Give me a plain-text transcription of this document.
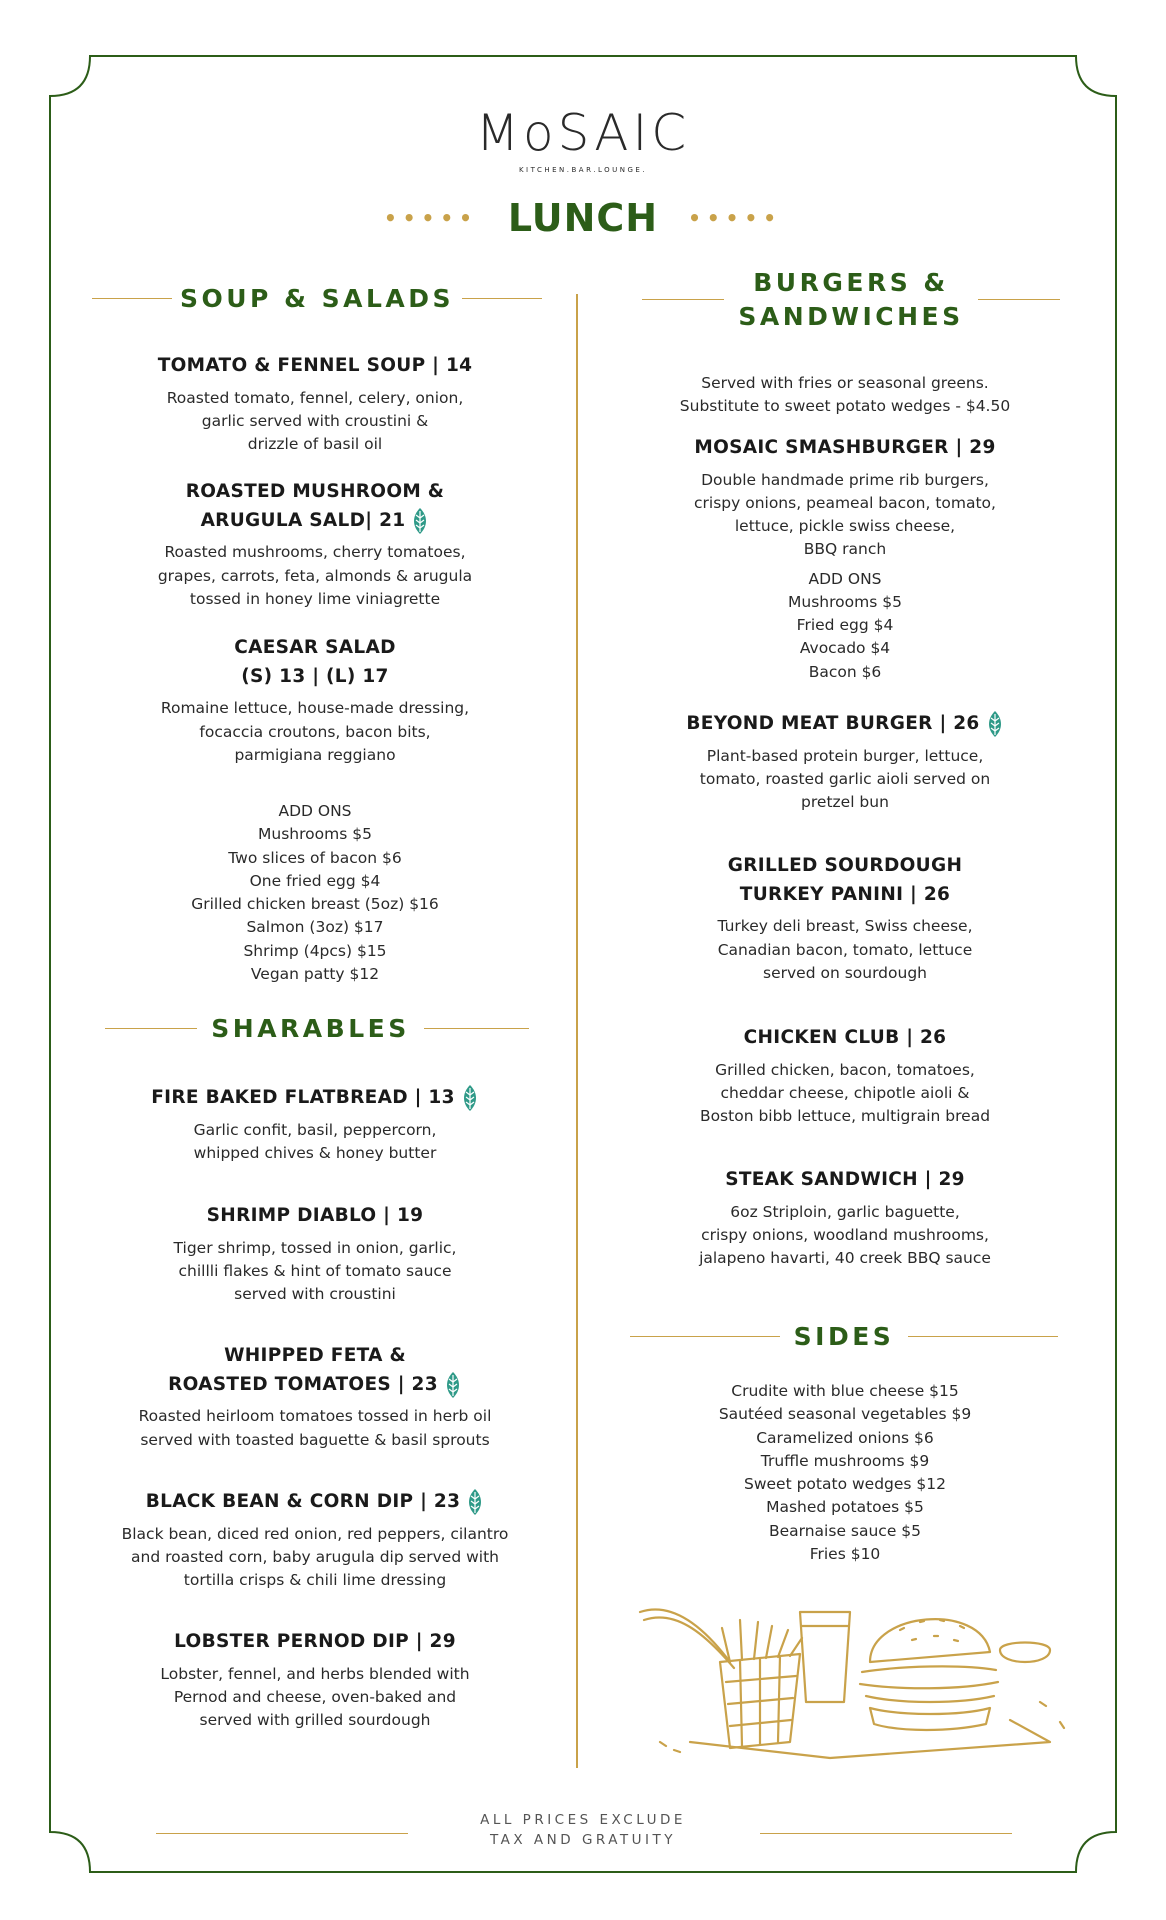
MoSAIC
KITCHEN.BAR.LOUNGE.
••••• LUNCH •••••
SOUP & SALADS
TOMATO & FENNEL SOUP | 14
Roasted tomato, fennel, celery, onion,
garlic served with croustini &
drizzle of basil oil
ROASTED MUSHROOM &
ARUGULA SALD| 21
Roasted mushrooms, cherry tomatoes,
grapes, carrots, feta, almonds & arugula
tossed in honey lime viniagrette
CAESAR SALAD
(S) 13 | (L) 17
Romaine lettuce, house-made dressing,
focaccia croutons, bacon bits,
parmigiana reggiano
ADD ONS
Mushrooms $5
Two slices of bacon $6
One fried egg $4
Grilled chicken breast (5oz) $16
Salmon (3oz) $17
Shrimp (4pcs) $15
Vegan patty $12
SHARABLES
FIRE BAKED FLATBREAD | 13
Garlic confit, basil, peppercorn,
whipped chives & honey butter
SHRIMP DIABLO | 19
Tiger shrimp, tossed in onion, garlic,
chillli flakes & hint of tomato sauce
served with croustini
WHIPPED FETA &
ROASTED TOMATOES | 23
Roasted heirloom tomatoes tossed in herb oil
served with toasted baguette & basil sprouts
BLACK BEAN & CORN DIP | 23
Black bean, diced red onion, red peppers, cilantro
and roasted corn, baby arugula dip served with
tortilla crisps & chili lime dressing
LOBSTER PERNOD DIP | 29
Lobster, fennel, and herbs blended with
Pernod and cheese, oven-baked and
served with grilled sourdough
BURGERS &
SANDWICHES
Served with fries or seasonal greens.
Substitute to sweet potato wedges - $4.50
MOSAIC SMASHBURGER | 29
Double handmade prime rib burgers,
crispy onions, peameal bacon, tomato,
lettuce, pickle swiss cheese,
BBQ ranch
ADD ONS
Mushrooms $5
Fried egg $4
Avocado $4
Bacon $6
BEYOND MEAT BURGER | 26
Plant-based protein burger, lettuce,
tomato, roasted garlic aioli served on
pretzel bun
GRILLED SOURDOUGH
TURKEY PANINI | 26
Turkey deli breast, Swiss cheese,
Canadian bacon, tomato, lettuce
served on sourdough
CHICKEN CLUB | 26
Grilled chicken, bacon, tomatoes,
cheddar cheese, chipotle aioli &
Boston bibb lettuce, multigrain bread
STEAK SANDWICH | 29
6oz Striploin, garlic baguette,
crispy onions, woodland mushrooms,
jalapeno havarti, 40 creek BBQ sauce
SIDES
Crudite with blue cheese $15
Sautéed seasonal vegetables $9
Caramelized onions $6
Truffle mushrooms $9
Sweet potato wedges $12
Mashed potatoes $5
Bearnaise sauce $5
Fries $10
ALL PRICES EXCLUDE
TAX AND GRATUITY
